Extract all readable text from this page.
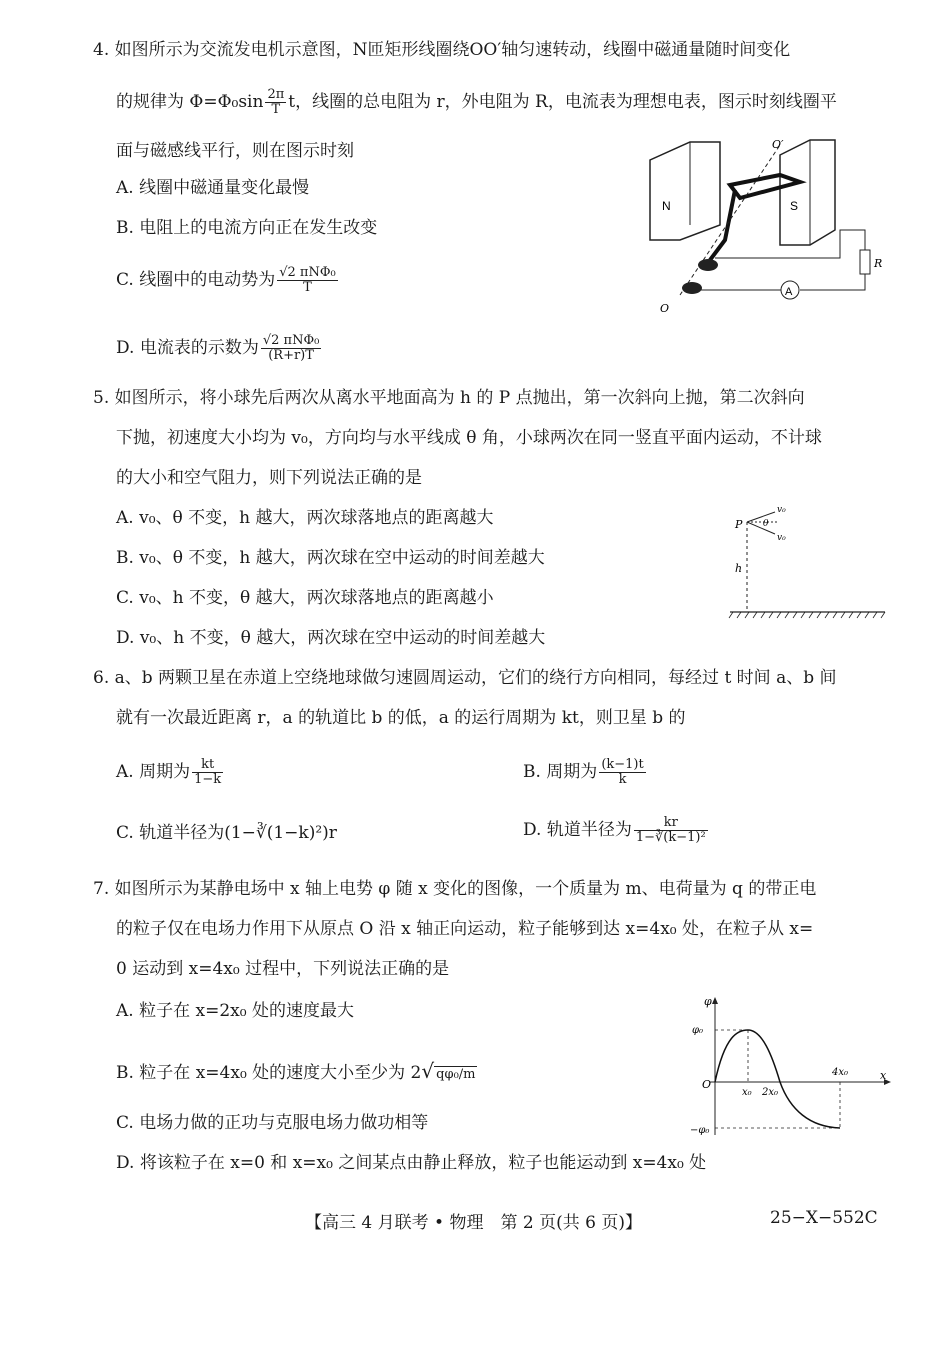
4. 如图所示为交流发电机示意图，N匝矩形线圈绕OO′轴匀速转动，线圈中磁通量随时间变化
的规律为 $\Phi=\Phi_0\sin \frac{2\pi}{T}$ t，线圈的总电阻为 r，外电阻为 R，电流表为理想电表，图示时刻线圈平
面与磁感线平行，则在图示时刻
A. 线圈中磁通量变化最慢
B. 电阻上的电流方向正在发生改变
C. 线圈中的电动势为 $\frac{\text{√2 πNΦ₀}}{T}$
D. 电流表的示数为 $\frac{\text{√2 πNΦ₀}}{(R+r)T}$
N	S
O′
O
R
A
5. 如图所示，将小球先后两次从离水平地面高为 h 的 P 点抛出，第一次斜向上抛，第二次斜向
下抛，初速度大小均为 v₀，方向均与水平线成 θ 角，小球两次在同一竖直平面内运动，不计球
的大小和空气阻力，则下列说法正确的是
A. v₀、θ 不变，h 越大，两次球落地点的距离越大
B. v₀、θ 不变，h 越大，两次球在空中运动的时间差越大
C. v₀、h 不变，θ 越大，两次球落地点的距离越小
D. v₀、h 不变，θ 越大，两次球在空中运动的时间差越大
P
v₀
v₀
θ
h
6. a、b 两颗卫星在赤道上空绕地球做匀速圆周运动，它们的绕行方向相同，每经过 t 时间 a、b 间
就有一次最近距离 r，a 的轨道比 b 的低，a 的运行周期为 kt，则卫星 b 的
A. 周期为 $\frac{kt}{1-k}$	B. 周期为 $\frac{(k-1)t}{k}$
C. 轨道半径为(1−∛(1−k)²)r	D. 轨道半径为 $\frac{kr}{\text{1−∛(k−1)²}}$
7. 如图所示为某静电场中 x 轴上电势 φ 随 x 变化的图像，一个质量为 m、电荷量为 q 的带正电
的粒子仅在电场力作用下从原点 O 沿 x 轴正向运动，粒子能够到达 x=4x₀ 处，在粒子从 x=
0 运动到 x=4x₀ 过程中，下列说法正确的是
A. 粒子在 x=2x₀ 处的速度最大
B. 粒子在 x=4x₀ 处的速度大小至少为 2√ qφ₀/m
C. 电场力做的正功与克服电场力做功相等
D. 将该粒子在 x=0 和 x=x₀ 之间某点由静止释放，粒子也能运动到 x=4x₀ 处
φ
x
O
φ₀
−φ₀
x₀ 2x₀
4x₀
【高三 4 月联考 • 物理　第 2 页(共 6 页)】	25−X−552C
